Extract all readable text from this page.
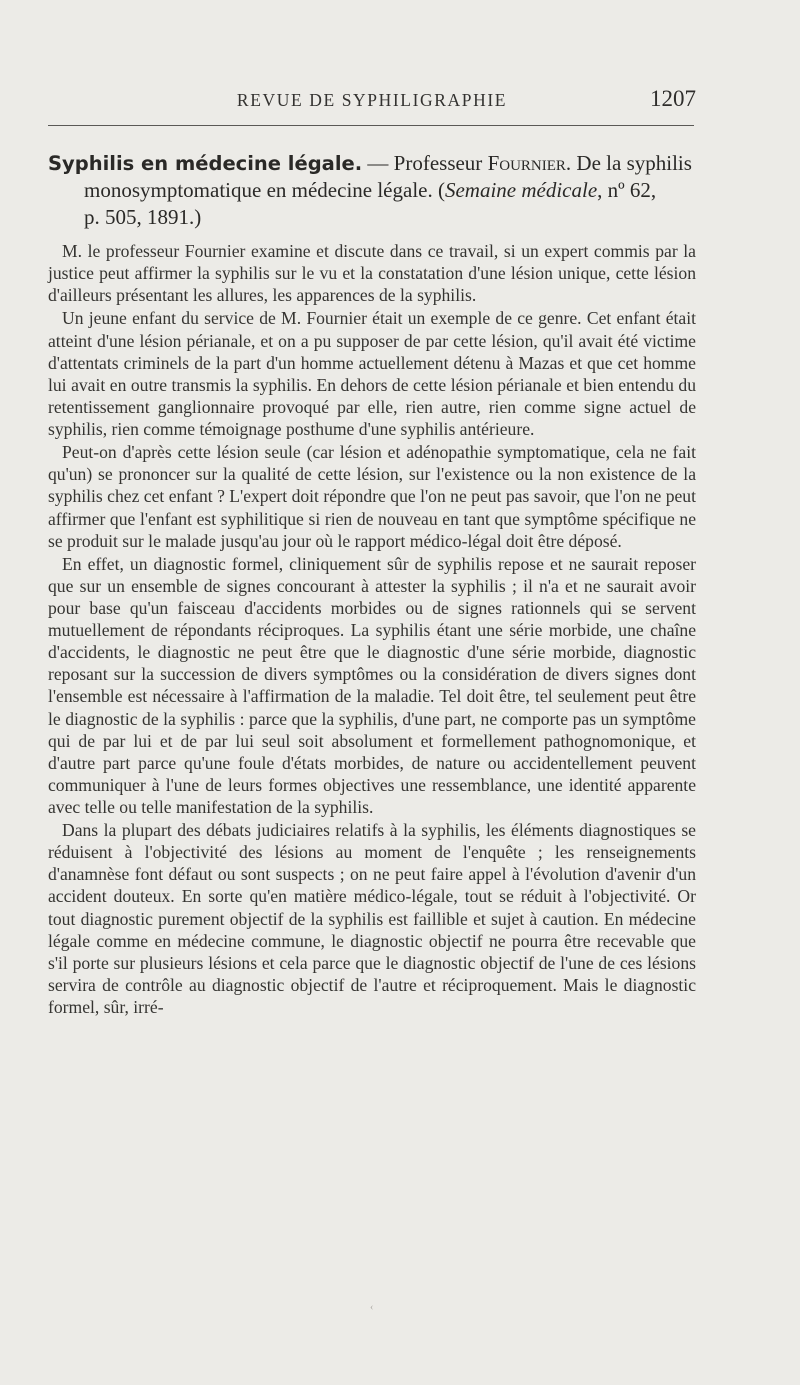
REVUE DE SYPHILIGRAPHIE	1207
Syphilis en médecine légale. — Professeur Fournier. De la syphilis
monosymptomatique en médecine légale. (Semaine médicale, nº 62,
p. 505, 1891.)

M. le professeur Fournier examine et discute dans ce travail, si un expert commis par la justice peut affirmer la syphilis sur le vu et la constatation d'une lésion unique, cette lésion d'ailleurs présentant les allures, les apparences de la syphilis.

Un jeune enfant du service de M. Fournier était un exemple de ce genre. Cet enfant était atteint d'une lésion périanale, et on a pu supposer de par cette lésion, qu'il avait été victime d'attentats criminels de la part d'un homme actuellement détenu à Mazas et que cet homme lui avait en outre transmis la syphilis. En dehors de cette lésion périanale et bien entendu du retentissement ganglionnaire provoqué par elle, rien autre, rien comme signe actuel de syphilis, rien comme témoignage posthume d'une syphilis antérieure.

Peut-on d'après cette lésion seule (car lésion et adénopathie symptomatique, cela ne fait qu'un) se prononcer sur la qualité de cette lésion, sur l'existence ou la non existence de la syphilis chez cet enfant ? L'expert doit répondre que l'on ne peut pas savoir, que l'on ne peut affirmer que l'enfant est syphilitique si rien de nouveau en tant que symptôme spécifique ne se produit sur le malade jusqu'au jour où le rapport médico-légal doit être déposé.

En effet, un diagnostic formel, cliniquement sûr de syphilis repose et ne saurait reposer que sur un ensemble de signes concourant à attester la syphilis ; il n'a et ne saurait avoir pour base qu'un faisceau d'accidents morbides ou de signes rationnels qui se servent mutuellement de répondants réciproques. La syphilis étant une série morbide, une chaîne d'accidents, le diagnostic ne peut être que le diagnostic d'une série morbide, diagnostic reposant sur la succession de divers symptômes ou la considération de divers signes dont l'ensemble est nécessaire à l'affirmation de la maladie. Tel doit être, tel seulement peut être le diagnostic de la syphilis : parce que la syphilis, d'une part, ne comporte pas un symptôme qui de par lui et de par lui seul soit absolument et formellement pathognomonique, et d'autre part parce qu'une foule d'états morbides, de nature ou accidentellement peuvent communiquer à l'une de leurs formes objectives une ressemblance, une identité apparente avec telle ou telle manifestation de la syphilis.

Dans la plupart des débats judiciaires relatifs à la syphilis, les éléments diagnostiques se réduisent à l'objectivité des lésions au moment de l'enquête ; les renseignements d'anamnèse font défaut ou sont suspects ; on ne peut faire appel à l'évolution d'avenir d'un accident douteux. En sorte qu'en matière médico-légale, tout se réduit à l'objectivité. Or tout diagnostic purement objectif de la syphilis est faillible et sujet à caution. En médecine légale comme en médecine commune, le diagnostic objectif ne pourra être recevable que s'il porte sur plusieurs lésions et cela parce que le diagnostic objectif de l'une de ces lésions servira de contrôle au diagnostic objectif de l'autre et réciproquement. Mais le diagnostic formel, sûr, irré-

‹
